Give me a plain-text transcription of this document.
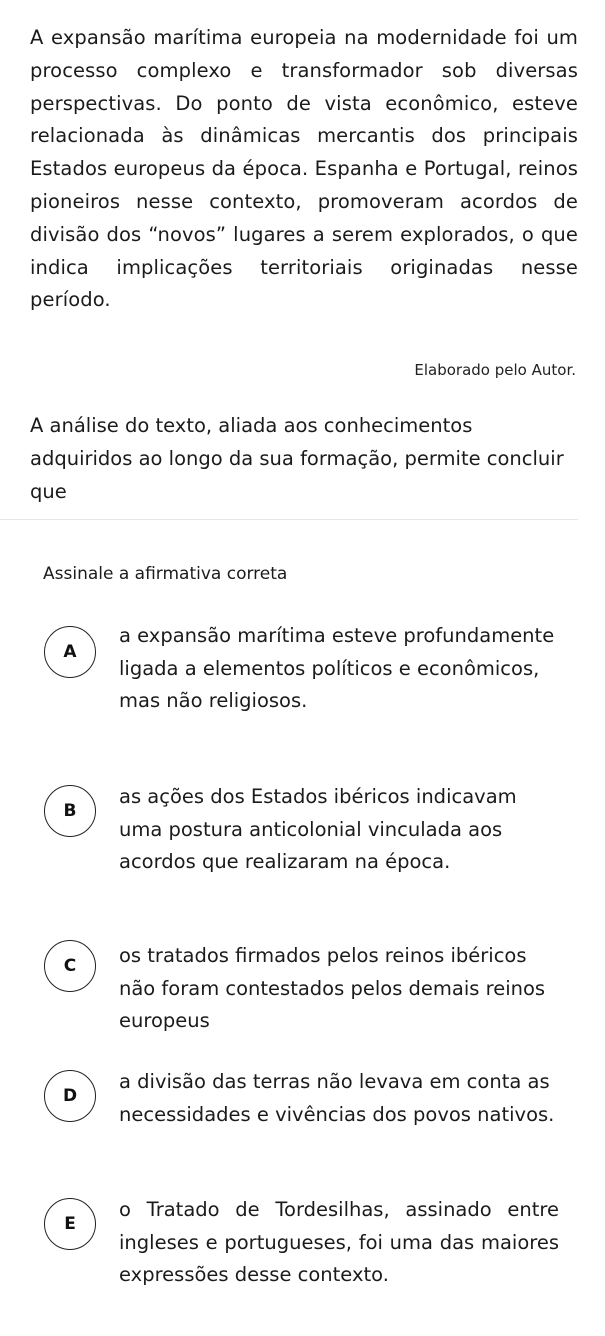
A expansão marítima europeia na modernidade foi um processo complexo e transformador sob diversas perspectivas. Do ponto de vista econômico, esteve relacionada às dinâmicas mercantis dos principais Estados europeus da época. Espanha e Portugal, reinos pioneiros nesse contexto, promoveram acordos de divisão dos “novos” lugares a serem explorados, o que indica implicações territoriais originadas nesse período.
Elaborado pelo Autor.
A análise do texto, aliada aos conhecimentos adquiridos ao longo da sua formação, permite concluir que
Assinale a afirmativa correta
A
a expansão marítima esteve profundamente ligada a elementos políticos e econômicos, mas não religiosos.
B
as ações dos Estados ibéricos indicavam uma postura anticolonial vinculada aos acordos que realizaram na época.
C	os tratados firmados pelos reinos ibéricos não foram contestados pelos demais reinos europeus
D
a divisão das terras não levava em conta as necessidades e vivências dos povos nativos.
E
o Tratado de Tordesilhas, assinado entre ingleses e portugueses, foi uma das maiores expressões desse contexto.
